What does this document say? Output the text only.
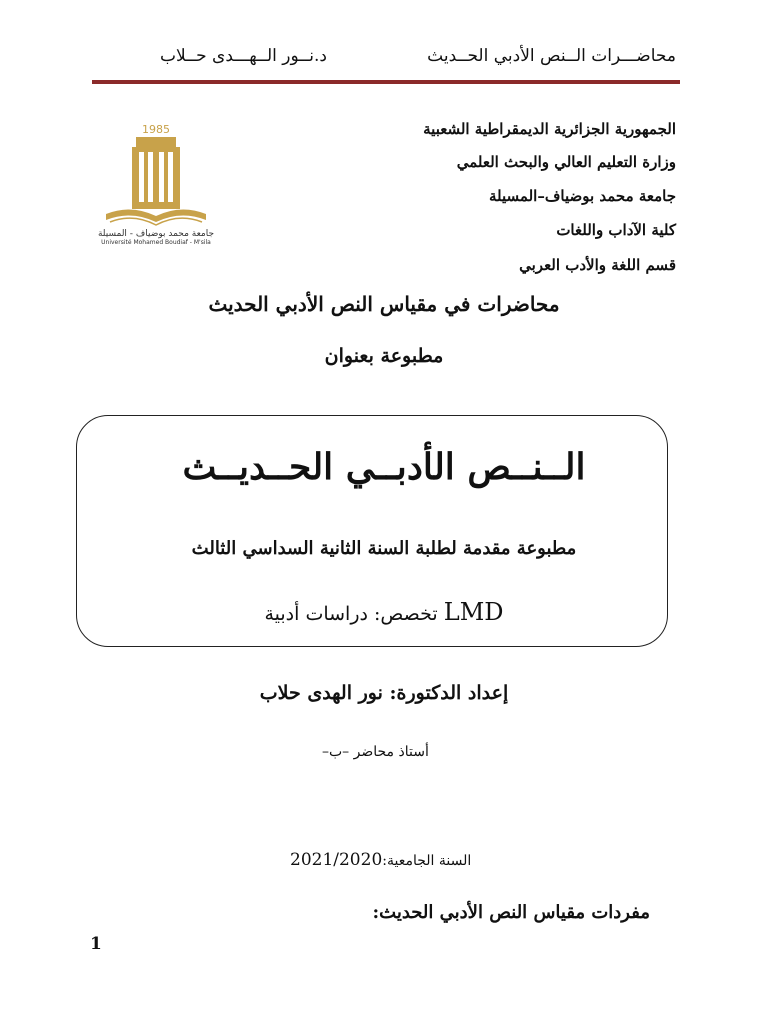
محاضـــرات الــنص الأدبي الحــديث
د.نــور الــهـــدى حــلاب
1985
جامعة محمد بوضياف - المسيلة
Université Mohamed Boudiaf - M'sila
الجمهورية الجزائرية الديمقراطية الشعبية
وزارة التعليم العالي والبحث العلمي
جامعة محمد بوضياف–المسيلة
كلية الآداب واللغات
قسم اللغة والأدب العربي
محاضرات في مقياس النص الأدبي الحديث
مطبوعة بعنوان
الــنــص الأدبــي الحــديــث
مطبوعة مقدمة لطلبة السنة الثانية السداسي الثالث
تخصص: دراسات أدبية LMD
إعداد الدكتورة: نور الهدى حلاب
أستاذ محاضر –ب–
2021/2020السنة الجامعية:
مفردات مقياس النص الأدبي الحديث:
1
